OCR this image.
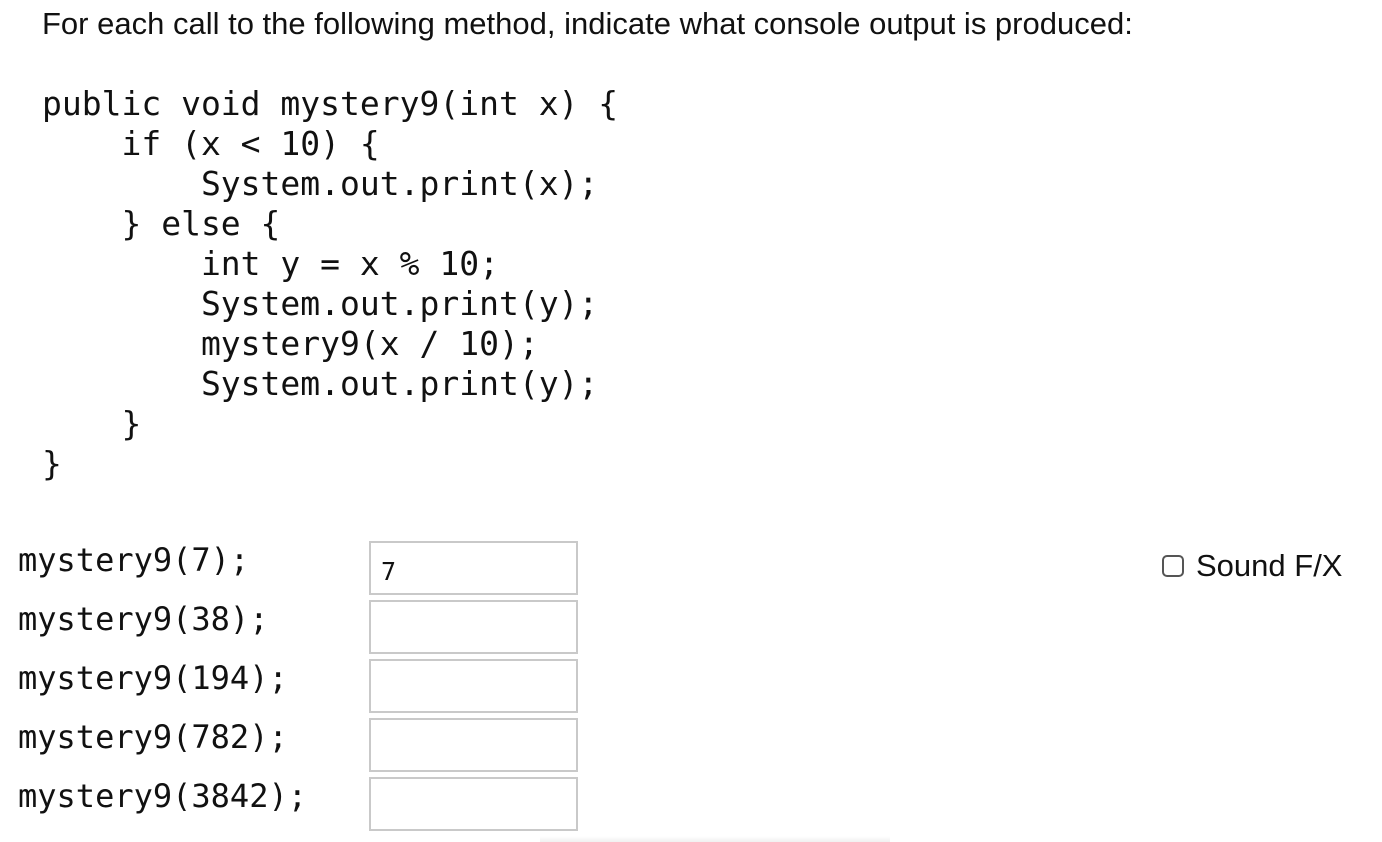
For each call to the following method, indicate what console output is produced:

public void mystery9(int x) {
if (x < 10) {
System.out.print(x);
} else {
int y = x % 10;
System.out.print(y);
mystery9(x / 10);
System.out.print(y);
}
}
mystery9(7);
7
mystery9(38);
mystery9(194);
mystery9(782);
mystery9(3842);
Sound F/X
